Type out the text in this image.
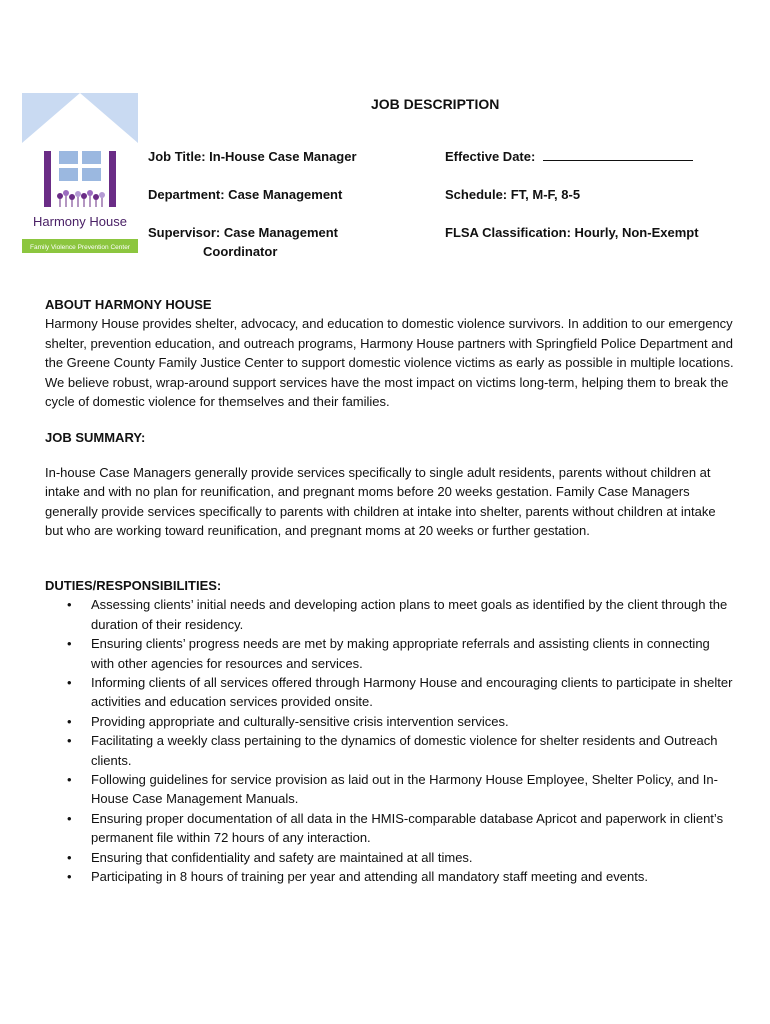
Harmony House
Family Violence Prevention Center
JOB DESCRIPTION
Job Title: In-House Case Manager
Department: Case Management
Supervisor: Case Management
Coordinator
Effective Date:
Schedule: FT, M-F, 8-5
FLSA Classification: Hourly, Non-Exempt
ABOUT HARMONY HOUSE
Harmony House provides shelter, advocacy, and education to domestic violence survivors. In addition to our emergency shelter, prevention education, and outreach programs, Harmony House partners with Springfield Police Department and the Greene County Family Justice Center to support domestic violence victims as early as possible in multiple locations. We believe robust, wrap-around support services have the most impact on victims long-term, helping them to break the cycle of domestic violence for themselves and their families.
JOB SUMMARY:
In-house Case Managers generally provide services specifically to single adult residents, parents without children at intake and with no plan for reunification, and pregnant moms before 20 weeks gestation. Family Case Managers generally provide services specifically to parents with children at intake into shelter, parents without children at intake but who are working toward reunification, and pregnant moms at 20 weeks or further gestation.
DUTIES/RESPONSIBILITIES:
• Assessing clients’ initial needs and developing action plans to meet goals as identified by the client through the duration of their residency.
• Ensuring clients’ progress needs are met by making appropriate referrals and assisting clients in connecting with other agencies for resources and services.
• Informing clients of all services offered through Harmony House and encouraging clients to participate in shelter activities and education services provided onsite.
• Providing appropriate and culturally-sensitive crisis intervention services.
• Facilitating a weekly class pertaining to the dynamics of domestic violence for shelter residents and Outreach clients.
• Following guidelines for service provision as laid out in the Harmony House Employee, Shelter Policy, and In-House Case Management Manuals.
• Ensuring proper documentation of all data in the HMIS-comparable database Apricot and paperwork in client’s permanent file within 72 hours of any interaction.
• Ensuring that confidentiality and safety are maintained at all times.
• Participating in 8 hours of training per year and attending all mandatory staff meeting and events.
